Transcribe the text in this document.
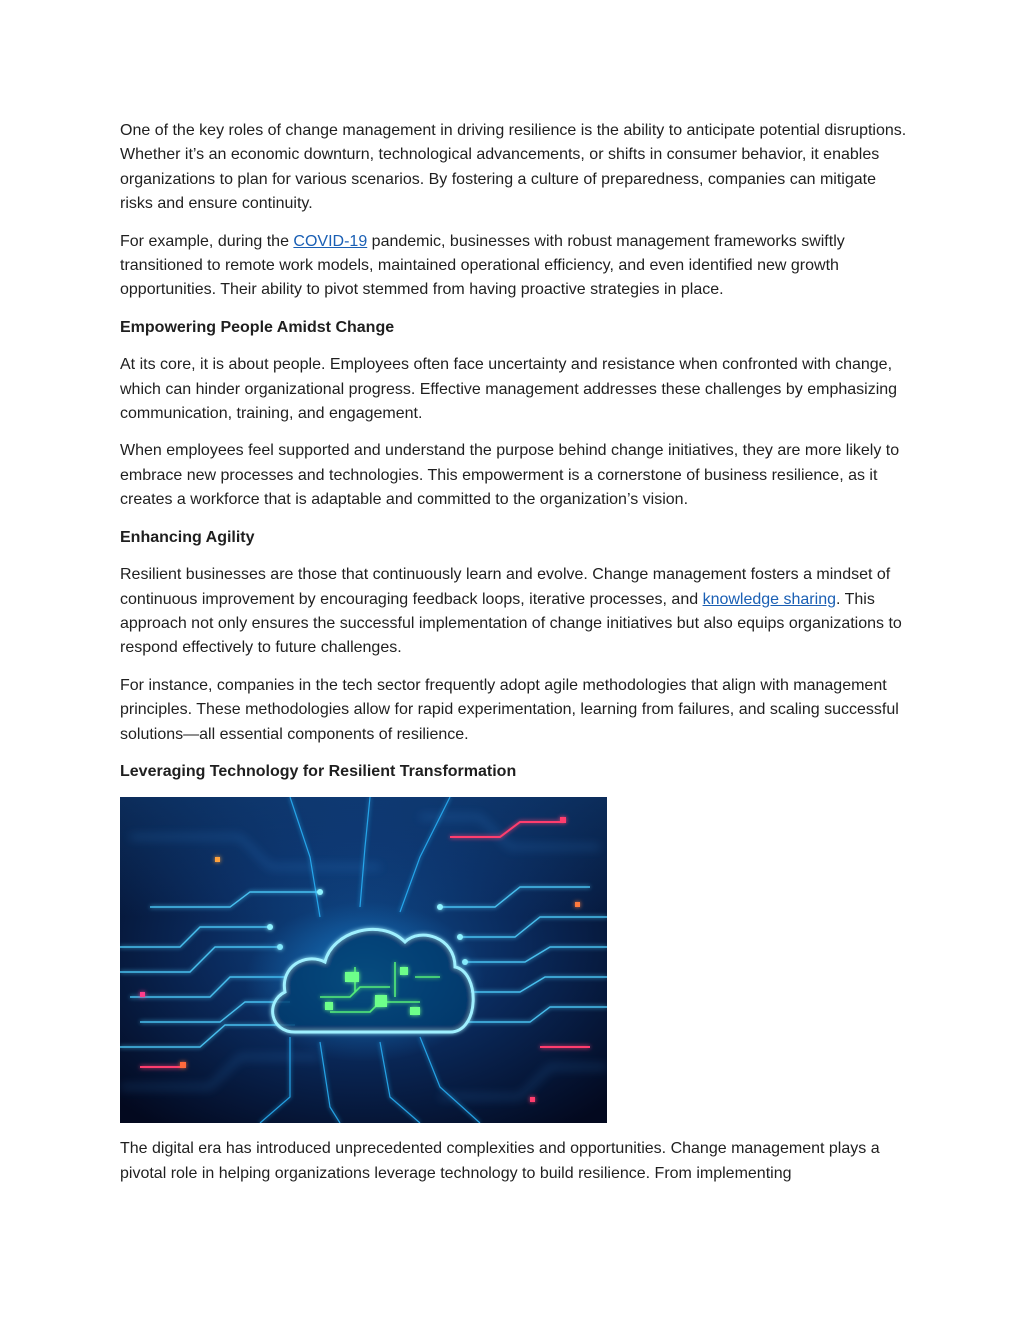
One of the key roles of change management in driving resilience is the ability to anticipate potential disruptions. Whether it’s an economic downturn, technological advancements, or shifts in consumer behavior, it enables organizations to plan for various scenarios. By fostering a culture of preparedness, companies can mitigate risks and ensure continuity.

For example, during the COVID-19 pandemic, businesses with robust management frameworks swiftly transitioned to remote work models, maintained operational efficiency, and even identified new growth opportunities. Their ability to pivot stemmed from having proactive strategies in place.

Empowering People Amidst Change

At its core, it is about people. Employees often face uncertainty and resistance when confronted with change, which can hinder organizational progress. Effective management addresses these challenges by emphasizing communication, training, and engagement.

When employees feel supported and understand the purpose behind change initiatives, they are more likely to embrace new processes and technologies. This empowerment is a cornerstone of business resilience, as it creates a workforce that is adaptable and committed to the organization’s vision.

Enhancing Agility

Resilient businesses are those that continuously learn and evolve. Change management fosters a mindset of continuous improvement by encouraging feedback loops, iterative processes, and knowledge sharing. This approach not only ensures the successful implementation of change initiatives but also equips organizations to respond effectively to future challenges.

For instance, companies in the tech sector frequently adopt agile methodologies that align with management principles. These methodologies allow for rapid experimentation, learning from failures, and scaling successful solutions—all essential components of resilience.

Leveraging Technology for Resilient Transformation

The digital era has introduced unprecedented complexities and opportunities. Change management plays a pivotal role in helping organizations leverage technology to build resilience. From implementing
